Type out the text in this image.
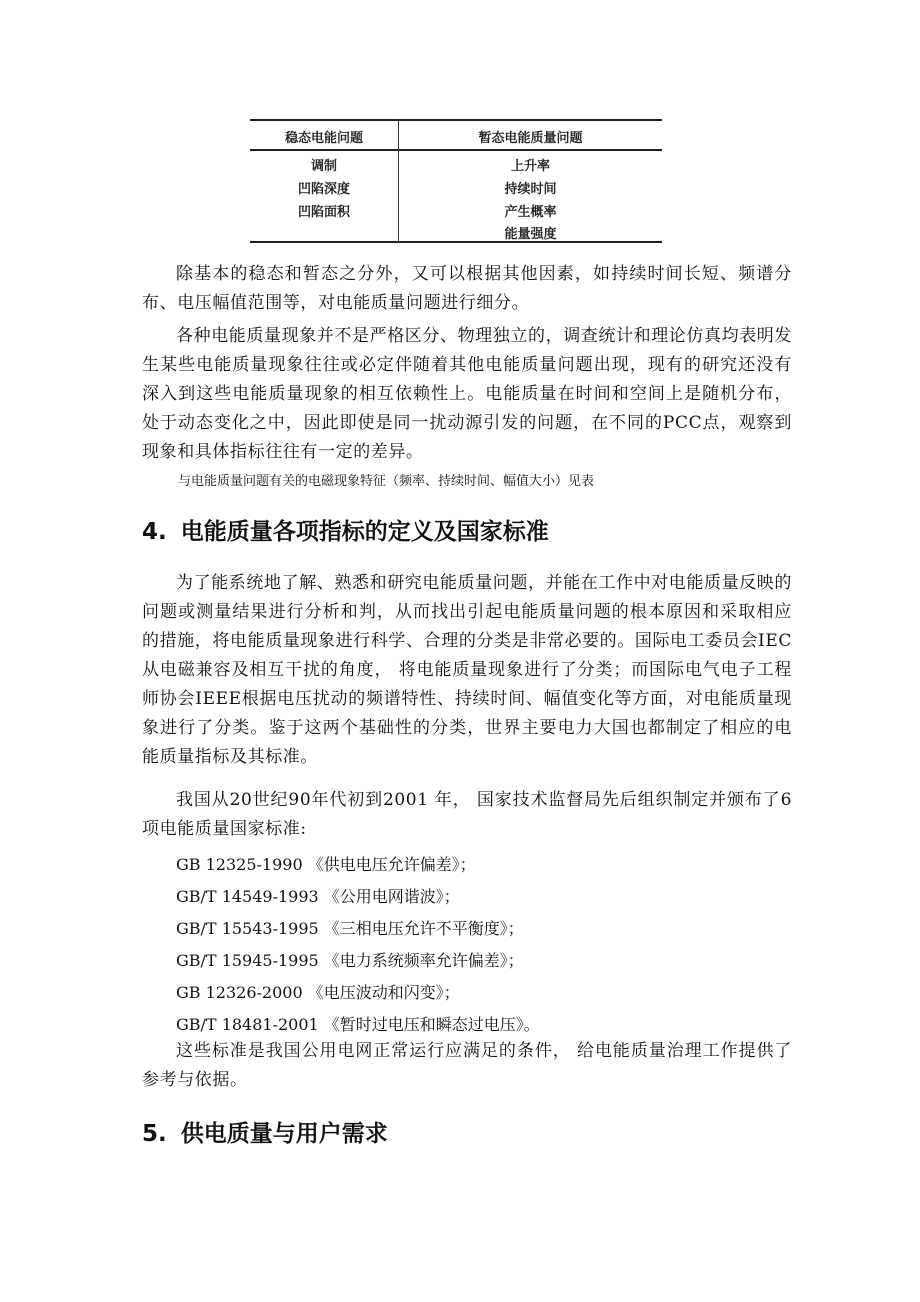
稳态电能问题	暂态电能质量问题
调制
凹陷深度
凹陷面积
上升率
持续时间
产生概率
能量强度

除基本的稳态和暂态之分外，又可以根据其他因素，如持续时间长短、频谱分布、电压幅值范围等，对电能质量问题进行细分。

各种电能质量现象并不是严格区分、物理独立的，调查统计和理论仿真均表明发生某些电能质量现象往往或必定伴随着其他电能质量问题出现，现有的研究还没有深入到这些电能质量现象的相互依赖性上。电能质量在时间和空间上是随机分布，处于动态变化之中，因此即使是同一扰动源引发的问题，在不同的PCC点，观察到现象和具体指标往往有一定的差异。

与电能质量问题有关的电磁现象特征（频率、持续时间、幅值大小）见表

4. 电能质量各项指标的定义及国家标准

为了能系统地了解、熟悉和研究电能质量问题，并能在工作中对电能质量反映的问题或测量结果进行分析和判，从而找出引起电能质量问题的根本原因和采取相应的措施，将电能质量现象进行科学、合理的分类是非常必要的。国际电工委员会IEC从电磁兼容及相互干扰的角度， 将电能质量现象进行了分类；而国际电气电子工程师协会IEEE根据电压扰动的频谱特性、持续时间、幅值变化等方面，对电能质量现象进行了分类。鉴于这两个基础性的分类，世界主要电力大国也都制定了相应的电能质量指标及其标准。

我国从20世纪90年代初到2001 年， 国家技术监督局先后组织制定并颁布了6 项电能质量国家标准:

GB 12325-1990 《供电电压允许偏差》；
GB/T 14549-1993 《公用电网谐波》；
GB/T 15543-1995 《三相电压允许不平衡度》；
GB/T 15945-1995 《电力系统频率允许偏差》；
GB 12326-2000 《电压波动和闪变》；
GB/T 18481-2001 《暂时过电压和瞬态过电压》。

这些标准是我国公用电网正常运行应满足的条件， 给电能质量治理工作提供了参考与依据。

5. 供电质量与用户需求
